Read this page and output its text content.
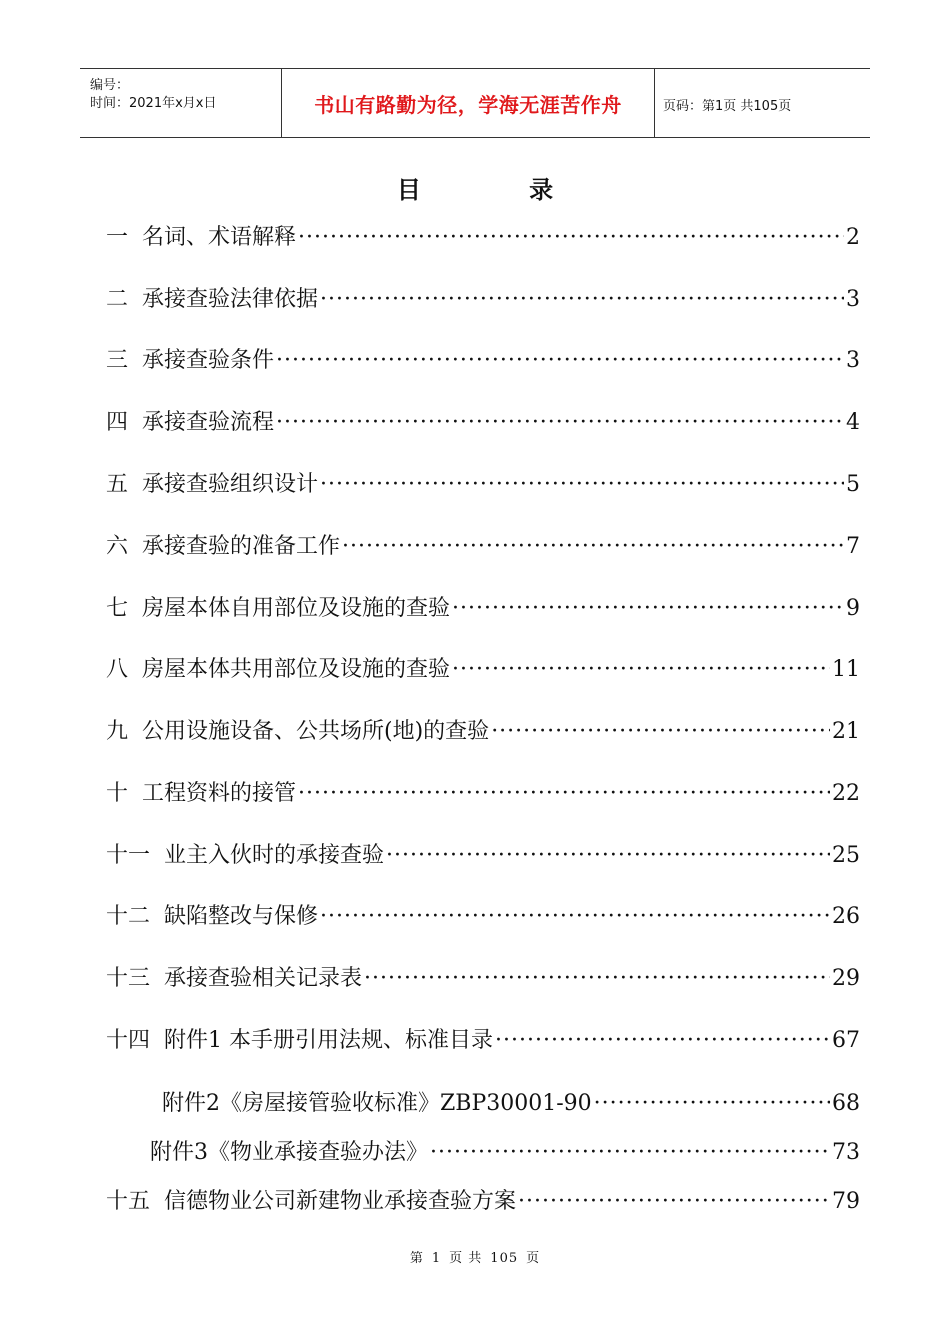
编号：
时间：2021年x月x日	书山有路勤为径，学海无涯苦作舟	页码：第1页 共105页
目 录
一 名词、术语解释 ·····	2
二 承接查验法律依据 ·····	3
三 承接查验条件 ·····	3
四 承接查验流程 ·····	4
五 承接查验组织设计 ·····	5
六 承接查验的准备工作 ·····	7
七 房屋本体自用部位及设施的查验 ·····	9
八 房屋本体共用部位及设施的查验 ·····	11
九 公用设施设备、公共场所(地)的查验 ·····	21
十 工程资料的接管 ·····	22
十一 业主入伙时的承接查验 ·····	25
十二 缺陷整改与保修 ·····	26
十三 承接查验相关记录表 ·····	29
十四 附件1 本手册引用法规、标准目录 ·····	67
附件2《房屋接管验收标准》ZBP30001-90 ·····	68
附件3《物业承接查验办法》 ·····	73
十五 信德物业公司新建物业承接查验方案 ·····	79
第 1 页 共 105 页
